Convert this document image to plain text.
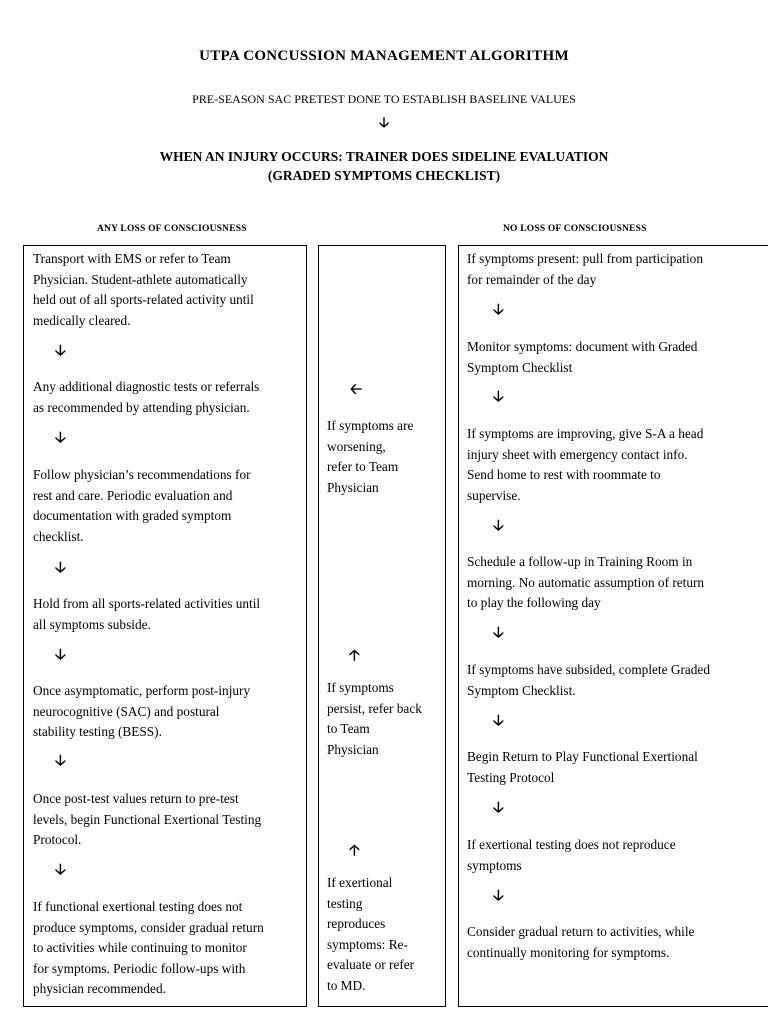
UTPA CONCUSSION MANAGEMENT ALGORITHM
PRE-SEASON SAC PRETEST DONE TO ESTABLISH BASELINE VALUES
🡣
WHEN AN INJURY OCCURS: TRAINER DOES SIDELINE EVALUATION
(GRADED SYMPTOMS CHECKLIST)
ANY LOSS OF CONSCIOUSNESS	NO LOSS OF CONSCIOUSNESS
Transport with EMS or refer to Team
Physician. Student-athlete automatically
held out of all sports-related activity until
medically cleared.
Any additional diagnostic tests or referrals
as recommended by attending physician.
Follow physician’s recommendations for
rest and care. Periodic evaluation and
documentation with graded symptom
checklist.
Hold from all sports-related activities until
all symptoms subside.
Once asymptomatic, perform post-injury
neurocognitive (SAC) and postural
stability testing (BESS).
Once post-test values return to pre-test
levels, begin Functional Exertional Testing
Protocol.
If functional exertional testing does not
produce symptoms, consider gradual return
to activities while continuing to monitor
for symptoms. Periodic follow-ups with
physician recommended.
🡣
🡣
🡣
🡣
🡣
🡣
If symptoms present: pull from participation
for remainder of the day
Monitor symptoms: document with Graded
Symptom Checklist
If symptoms are improving, give S-A a head
injury sheet with emergency contact info.
Send home to rest with roommate to
supervise.
Schedule a follow-up in Training Room in
morning. No automatic assumption of return
to play the following day
If symptoms have subsided, complete Graded
Symptom Checklist.
Begin Return to Play Functional Exertional
Testing Protocol
If exertional testing does not reproduce
symptoms
Consider gradual return to activities, while
continually monitoring for symptoms.
🡣
🡣
🡣
🡣
🡣
🡣
🡣
If symptoms are
worsening,
refer to Team
Physician
If symptoms
persist, refer back
to Team
Physician
If exertional
testing
reproduces
symptoms: Re-
evaluate or refer
to MD.
🡠
🡡
🡡
